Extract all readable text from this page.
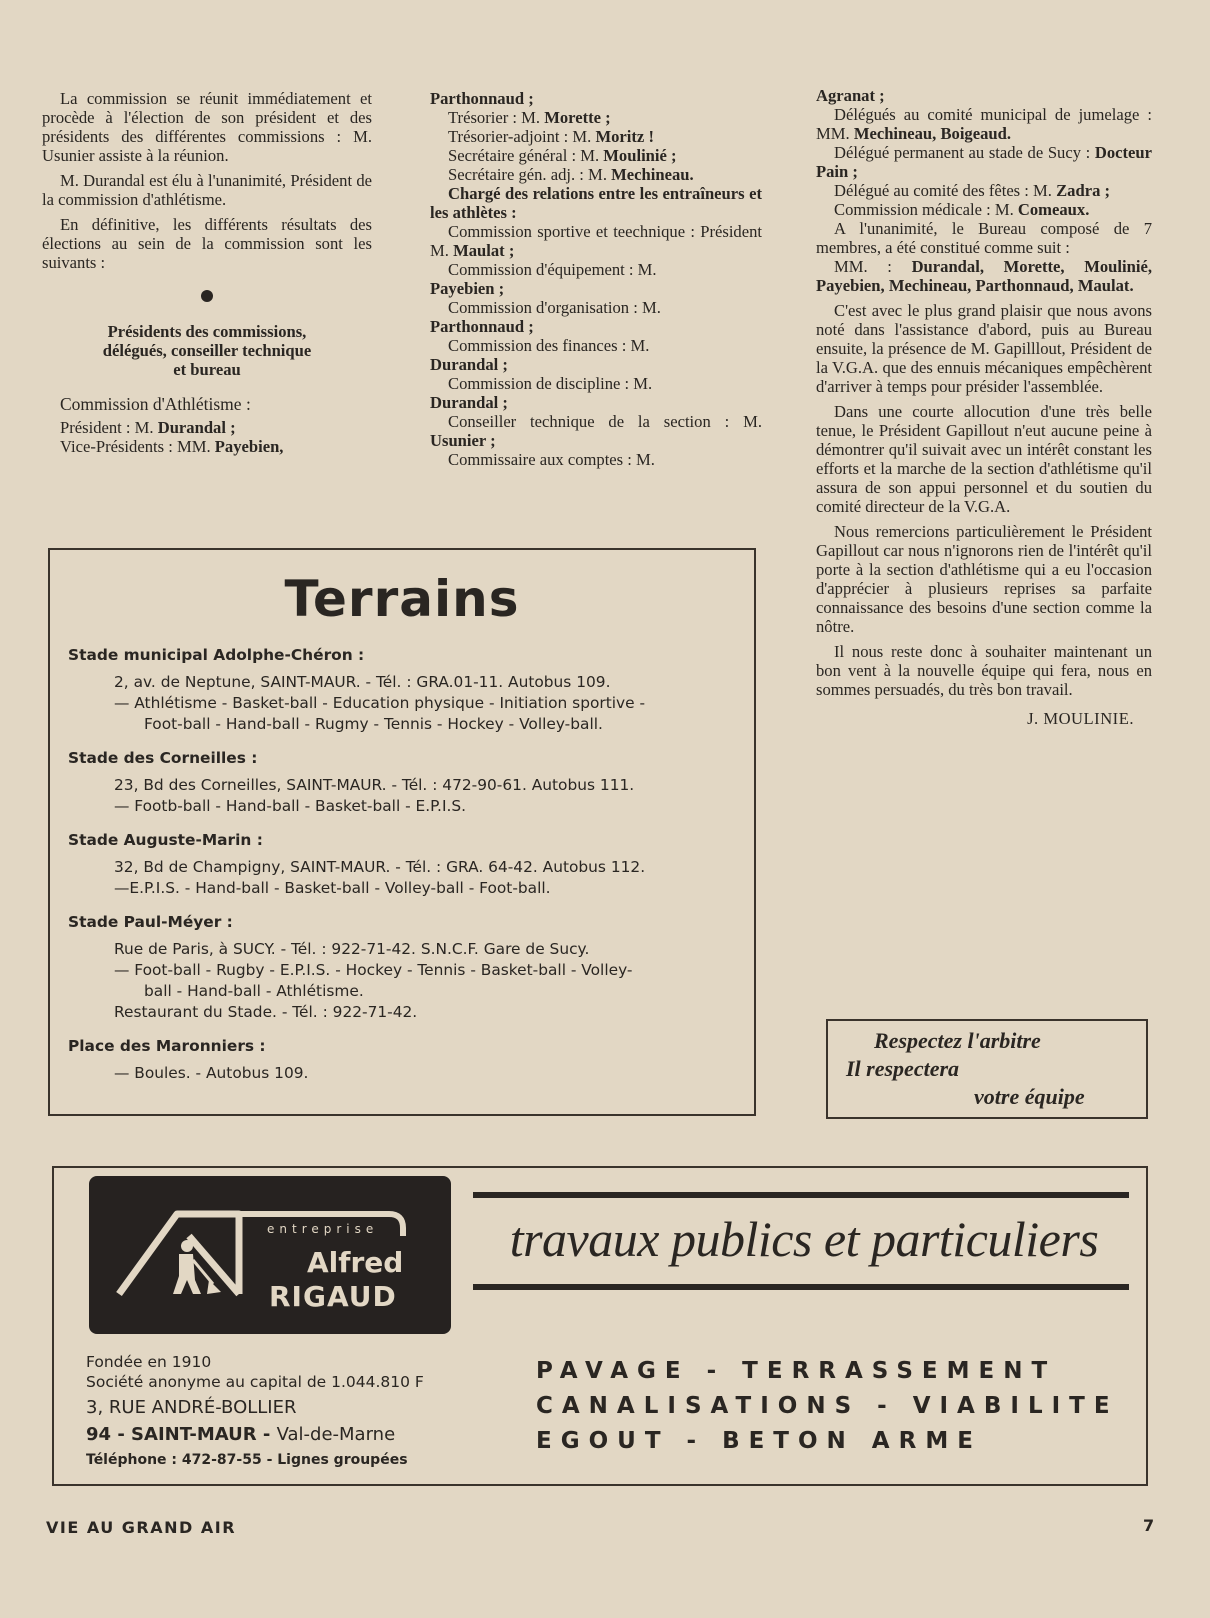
La commission se réunit immédiatement et procède à l'élection de son président et des présidents des différentes commissions : M. Usunier assiste à la réunion.

M. Durandal est élu à l'unanimité, Président de la commission d'athlétisme.

En définitive, les différents résultats des élections au sein de la commission sont les suivants :

Présidents des commissions,
délégués, conseiller technique
et bureau

Commission d'Athlétisme :

Président : M. Durandal ;

Vice-Présidents : MM. Payebien,

Parthonnaud ;

Trésorier : M. Morette ;

Trésorier-adjoint : M. Moritz !

Secrétaire général : M. Moulinié ;

Secrétaire gén. adj. : M. Mechineau.

Chargé des relations entre les entraîneurs et les athlètes :

Commission sportive et teechnique : Président M. Maulat ;

Commission d'équipement : M.

Payebien ;

Commission d'organisation : M.

Parthonnaud ;

Commission des finances : M.

Durandal ;

Commission de discipline : M.

Durandal ;

Conseiller technique de la section : M. Usunier ;

Commissaire aux comptes : M.

Agranat ;

Délégués au comité municipal de jumelage : MM. Mechineau, Boigeaud.

Délégué permanent au stade de Sucy : Docteur Pain ;

Délégué au comité des fêtes : M. Zadra ;

Commission médicale : M. Comeaux.

A l'unanimité, le Bureau composé de 7 membres, a été constitué comme suit :

MM. : Durandal, Morette, Moulinié, Payebien, Mechineau, Parthonnaud, Maulat.

C'est avec le plus grand plaisir que nous avons noté dans l'assistance d'abord, puis au Bureau ensuite, la présence de M. Gapilllout, Président de la V.G.A. que des ennuis mécaniques empêchèrent d'arriver à temps pour présider l'assemblée.

Dans une courte allocution d'une très belle tenue, le Président Gapillout n'eut aucune peine à démontrer qu'il suivait avec un intérêt constant les efforts et la marche de la section d'athlétisme qu'il assura de son appui personnel et du soutien du comité directeur de la V.G.A.

Nous remercions particulièrement le Président Gapillout car nous n'ignorons rien de l'intérêt qu'il porte à la section d'athlétisme qui a eu l'occasion d'apprécier à plusieurs reprises sa parfaite connaissance des besoins d'une section comme la nôtre.

Il nous reste donc à souhaiter maintenant un bon vent à la nouvelle équipe qui fera, nous en sommes persuadés, du très bon travail.

J. MOULINIE.

Terrains
Stade municipal Adolphe-Chéron :
2, av. de Neptune, SAINT-MAUR. - Tél. : GRA.01-11. Autobus 109.
— Athlétisme - Basket-ball - Education physique - Initiation sportive -
Foot-ball - Hand-ball - Rugmy - Tennis - Hockey - Volley-ball.
Stade des Corneilles :
23, Bd des Corneilles, SAINT-MAUR. - Tél. : 472-90-61. Autobus 111.
— Footb-ball - Hand-ball - Basket-ball - E.P.I.S.
Stade Auguste-Marin :
32, Bd de Champigny, SAINT-MAUR. - Tél. : GRA. 64-42. Autobus 112.
—E.P.I.S. - Hand-ball - Basket-ball - Volley-ball - Foot-ball.
Stade Paul-Méyer :
Rue de Paris, à SUCY. - Tél. : 922-71-42. S.N.C.F. Gare de Sucy.
— Foot-ball - Rugby - E.P.I.S. - Hockey - Tennis - Basket-ball - Volley-
ball - Hand-ball - Athlétisme.
Restaurant du Stade. - Tél. : 922-71-42.
Place des Maronniers :
— Boules. - Autobus 109.
Respectez l'arbitre
Il respectera
votre équipe
entreprise
Alfred
RIGAUD
travaux publics et particuliers
Fondée en 1910
Société anonyme au capital de 1.044.810 F
3, RUE ANDRÉ-BOLLIER
94 - SAINT-MAUR - Val-de-Marne
Téléphone : 472-87-55 - Lignes groupées
PAVAGE - TERRASSEMENT
CANALISATIONS - VIABILITE
EGOUT - BETON ARME
VIE AU GRAND AIR	7
